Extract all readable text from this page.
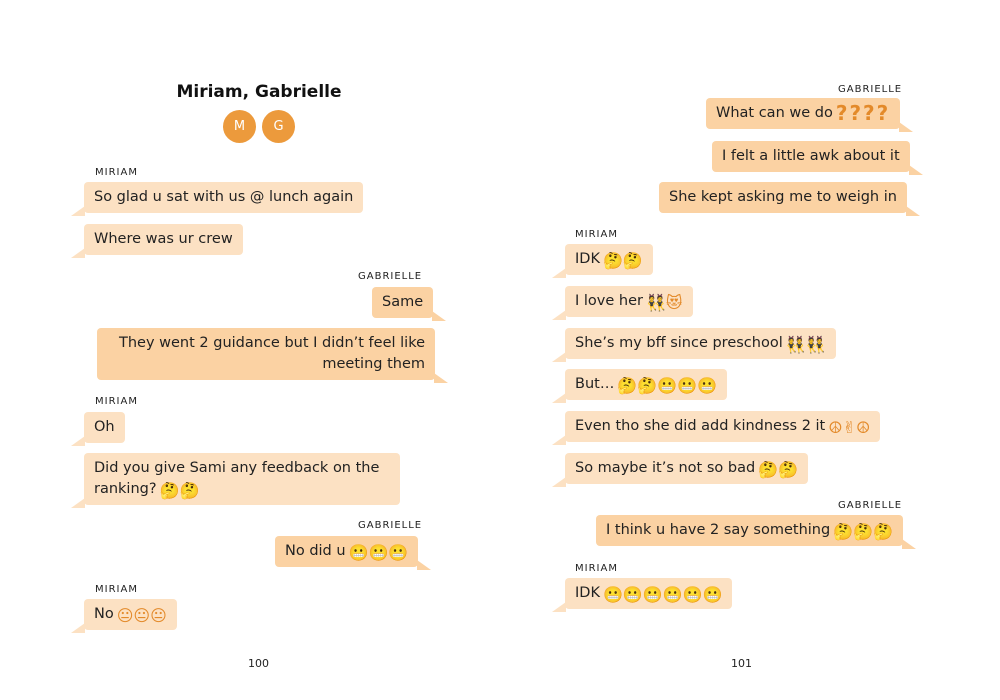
Miriam, Gabrielle
M	G
MIRIAM
So glad u sat with us @ lunch again
Where was ur crew
GABRIELLE
Same
They went 2 guidance but I didn’t feel like meeting them
MIRIAM
Oh
Did you give Sami any feedback on the ranking? 🤔🤔
GABRIELLE
No did u 😬😬😬
MIRIAM
No 😐😐😐
100
GABRIELLE
What can we do ????
I felt a little awk about it
She kept asking me to weigh in
MIRIAM
IDK 🤔🤔
I love her 👯😻
She’s my bff since preschool 👯👯
But… 🤔🤔😬😬😬
Even tho she did add kindness 2 it ☮✌☮
So maybe it’s not so bad 🤔🤔
GABRIELLE
I think u have 2 say something 🤔🤔🤔
MIRIAM
IDK 😬😬😬😬😬😬
101
